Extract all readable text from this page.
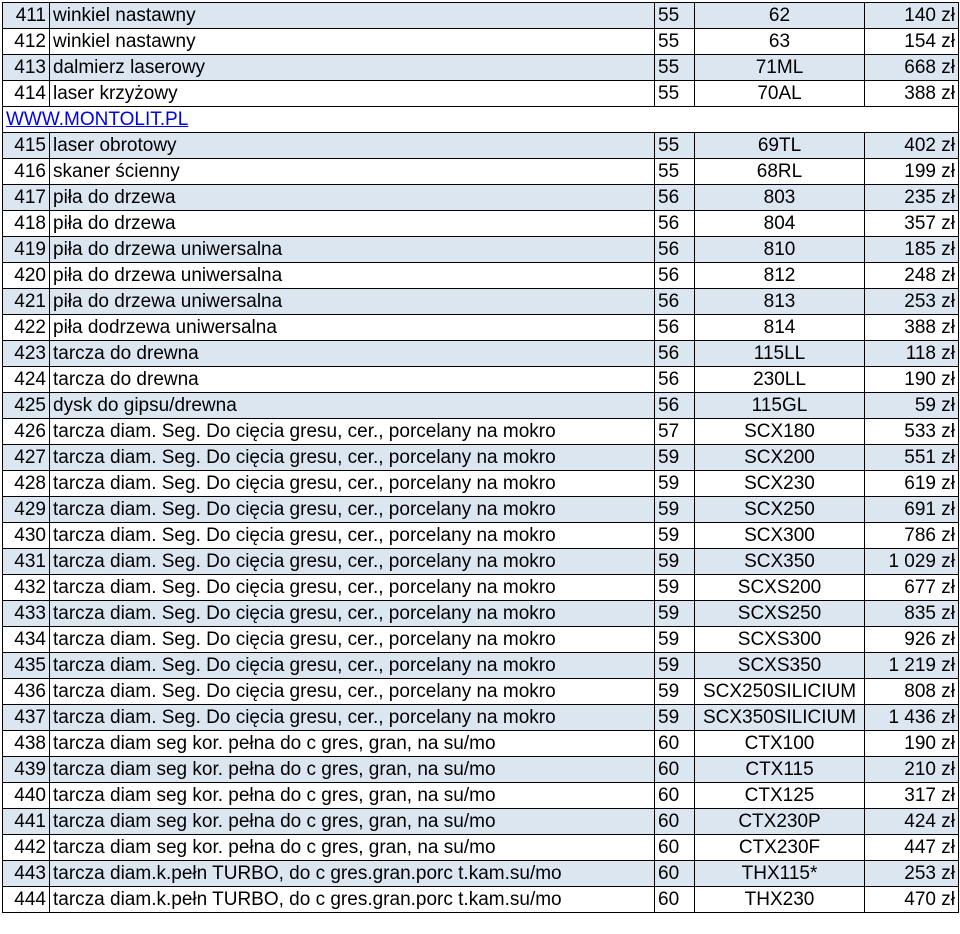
411	winkiel nastawny	55	62	140 zł
412	winkiel nastawny	55	63	154 zł
413	dalmierz laserowy	55	71ML	668 zł
414	laser krzyżowy	55	70AL	388 zł
WWW.MONTOLIT.PL				
415	laser obrotowy	55	69TL	402 zł
416	skaner ścienny	55	68RL	199 zł
417	piła do drzewa	56	803	235 zł
418	piła do drzewa	56	804	357 zł
419	piła do drzewa uniwersalna	56	810	185 zł
420	piła do drzewa uniwersalna	56	812	248 zł
421	piła do drzewa uniwersalna	56	813	253 zł
422	piła dodrzewa uniwersalna	56	814	388 zł
423	tarcza do drewna	56	115LL	118 zł
424	tarcza do drewna	56	230LL	190 zł
425	dysk do gipsu/drewna	56	115GL	59 zł
426	tarcza diam. Seg. Do cięcia gresu, cer., porcelany na mokro	57	SCX180	533 zł
427	tarcza diam. Seg. Do cięcia gresu, cer., porcelany na mokro	59	SCX200	551 zł
428	tarcza diam. Seg. Do cięcia gresu, cer., porcelany na mokro	59	SCX230	619 zł
429	tarcza diam. Seg. Do cięcia gresu, cer., porcelany na mokro	59	SCX250	691 zł
430	tarcza diam. Seg. Do cięcia gresu, cer., porcelany na mokro	59	SCX300	786 zł
431	tarcza diam. Seg. Do cięcia gresu, cer., porcelany na mokro	59	SCX350	1 029 zł
432	tarcza diam. Seg. Do cięcia gresu, cer., porcelany na mokro	59	SCXS200	677 zł
433	tarcza diam. Seg. Do cięcia gresu, cer., porcelany na mokro	59	SCXS250	835 zł
434	tarcza diam. Seg. Do cięcia gresu, cer., porcelany na mokro	59	SCXS300	926 zł
435	tarcza diam. Seg. Do cięcia gresu, cer., porcelany na mokro	59	SCXS350	1 219 zł
436	tarcza diam. Seg. Do cięcia gresu, cer., porcelany na mokro	59	SCX250SILICIUM	808 zł
437	tarcza diam. Seg. Do cięcia gresu, cer., porcelany na mokro	59	SCX350SILICIUM	1 436 zł
438	tarcza diam seg kor. pełna do c gres, gran, na su/mo	60	CTX100	190 zł
439	tarcza diam seg kor. pełna do c gres, gran, na su/mo	60	CTX115	210 zł
440	tarcza diam seg kor. pełna do c gres, gran, na su/mo	60	CTX125	317 zł
441	tarcza diam seg kor. pełna do c gres, gran, na su/mo	60	CTX230P	424 zł
442	tarcza diam seg kor. pełna do c gres, gran, na su/mo	60	CTX230F	447 zł
443	tarcza diam.k.pełn TURBO, do c gres.gran.porc t.kam.su/mo	60	THX115*	253 zł
444	tarcza diam.k.pełn TURBO, do c gres.gran.porc t.kam.su/mo	60	THX230	470 zł
